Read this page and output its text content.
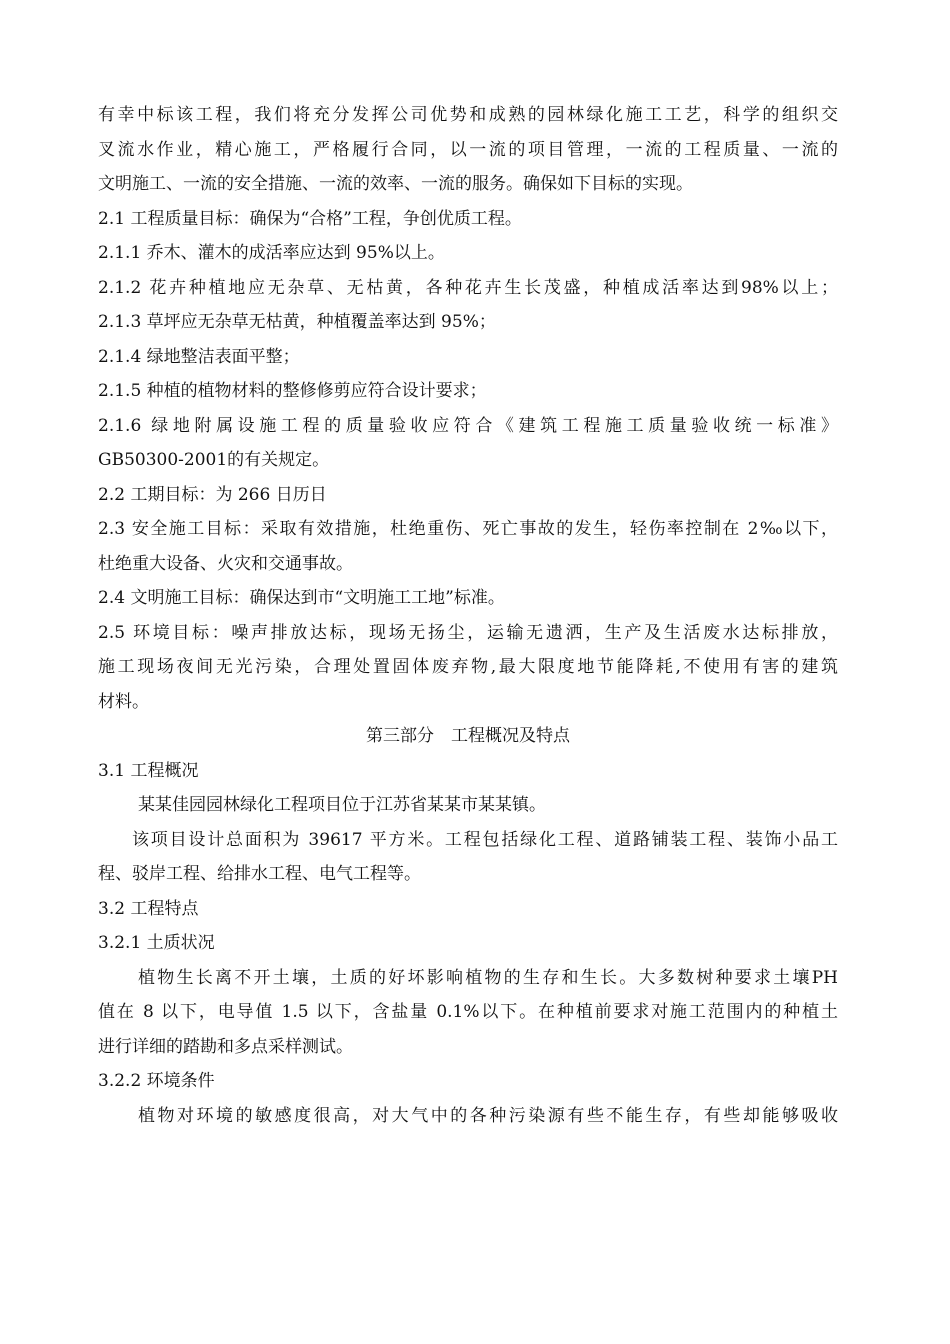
有幸中标该工程，我们将充分发挥公司优势和成熟的园林绿化施工工艺，科学的组织交
叉流水作业，精心施工，严格履行合同，以一流的项目管理，一流的工程质量、一流的
文明施工、一流的安全措施、一流的效率、一流的服务。确保如下目标的实现。
2.1 工程质量目标：确保为“合格”工程，争创优质工程。
2.1.1 乔木、灌木的成活率应达到 95%以上。
2.1.2 花卉种植地应无杂草、无枯黄，各种花卉生长茂盛，种植成活率达到98%以上；
2.1.3 草坪应无杂草无枯黄，种植覆盖率达到 95%；
2.1.4 绿地整洁表面平整；
2.1.5 种植的植物材料的整修修剪应符合设计要求；
2.1.6 绿地附属设施工程的质量验收应符合《建筑工程施工质量验收统一标准》
GB50300-2001的有关规定。
2.2 工期目标：为 266 日历日
2.3 安全施工目标：采取有效措施，杜绝重伤、死亡事故的发生，轻伤率控制在 2‰以下，
杜绝重大设备、火灾和交通事故。
2.4 文明施工目标：确保达到市“文明施工工地”标准。
2.5 环境目标：噪声排放达标，现场无扬尘，运输无遗洒，生产及生活废水达标排放，
施工现场夜间无光污染，合理处置固体废弃物,最大限度地节能降耗,不使用有害的建筑
材料。
第三部分　工程概况及特点
3.1 工程概况
某某佳园园林绿化工程项目位于江苏省某某市某某镇。
该项目设计总面积为 39617 平方米。工程包括绿化工程、道路铺装工程、装饰小品工
程、驳岸工程、给排水工程、电气工程等。
3.2 工程特点
3.2.1 土质状况
植物生长离不开土壤，土质的好坏影响植物的生存和生长。大多数树种要求土壤PH
值在 8 以下，电导值 1.5 以下，含盐量 0.1%以下。在种植前要求对施工范围内的种植土
进行详细的踏勘和多点采样测试。
3.2.2 环境条件
植物对环境的敏感度很高，对大气中的各种污染源有些不能生存，有些却能够吸收
